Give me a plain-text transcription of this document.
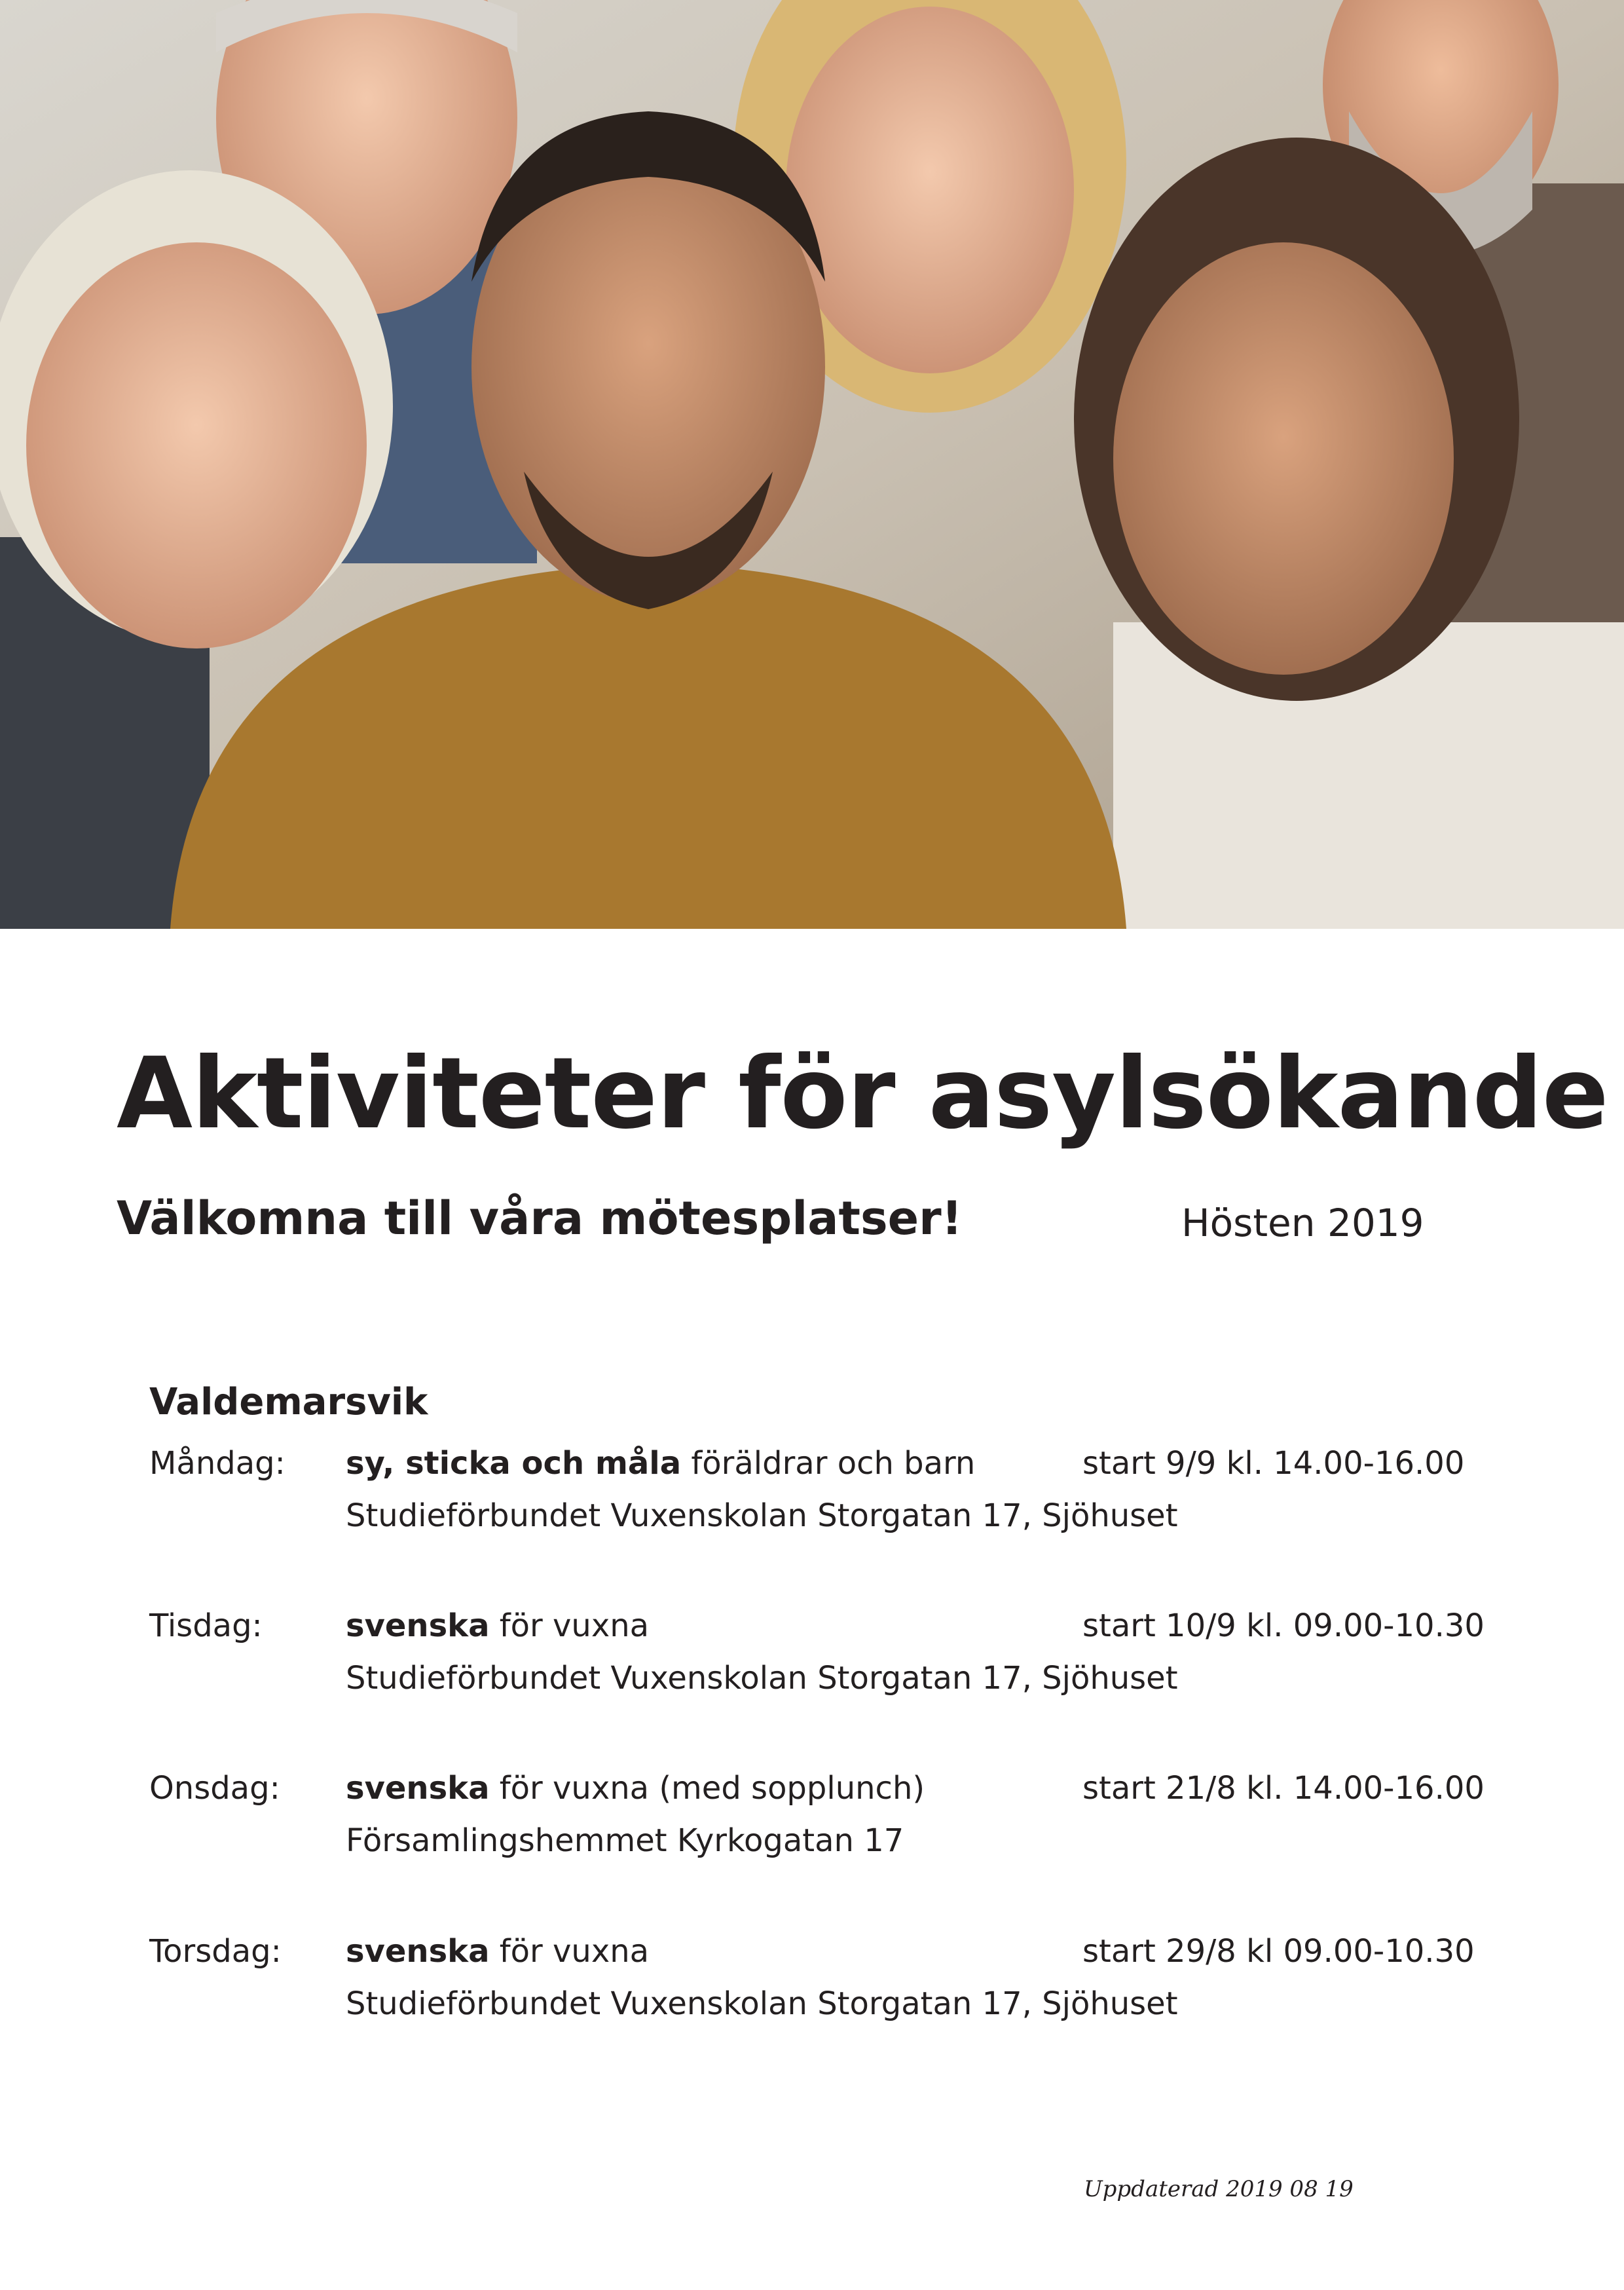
Aktiviteter för asylsökande
Välkomna till våra mötesplatser!	Hösten 2019
Valdemarsvik
Måndag: sy, sticka och måla föräldrar och barn	start 9/9 kl. 14.00-16.00
Studieförbundet Vuxenskolan Storgatan 17, Sjöhuset
Tisdag:	svenska för vuxna	start 10/9 kl. 09.00-10.30
Studieförbundet Vuxenskolan Storgatan 17, Sjöhuset
Onsdag: svenska för vuxna (med sopplunch)	start 21/8 kl. 14.00-16.00
Församlingshemmet Kyrkogatan 17
Torsdag: svenska för vuxna	start 29/8 kl 09.00-10.30
Studieförbundet Vuxenskolan Storgatan 17, Sjöhuset
Uppdaterad 2019 08 19
